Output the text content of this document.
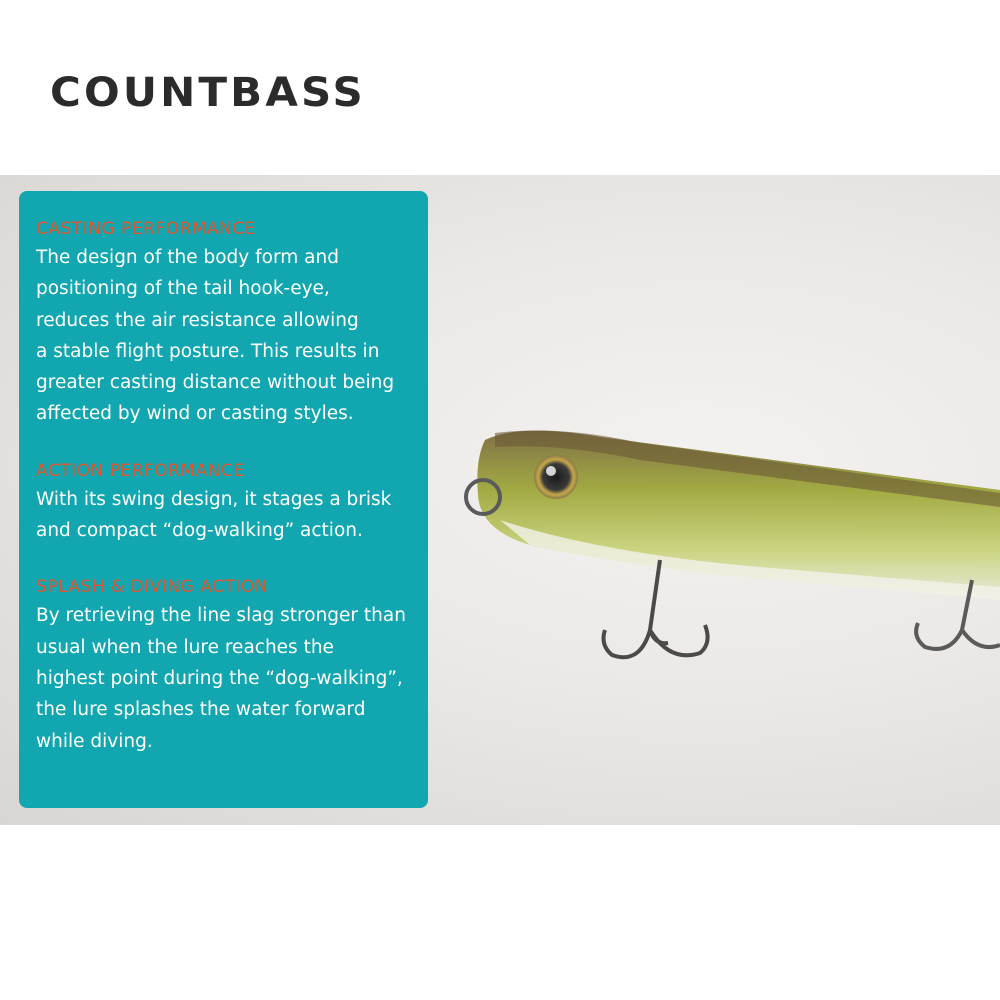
COUNTBASS
CASTING PERFORMANCE
The design of the body form and
positioning of the tail hook-eye,
reduces the air resistance allowing
a stable flight posture. This results in
greater casting distance without being
affected by wind or casting styles.
ACTION PERFORMANCE
With its swing design, it stages a brisk
and compact “dog-walking” action.
SPLASH & DIVING ACTION
By retrieving the line slag stronger than
usual when the lure reaches the
highest point during the “dog-walking”,
the lure splashes the water forward
while diving.
